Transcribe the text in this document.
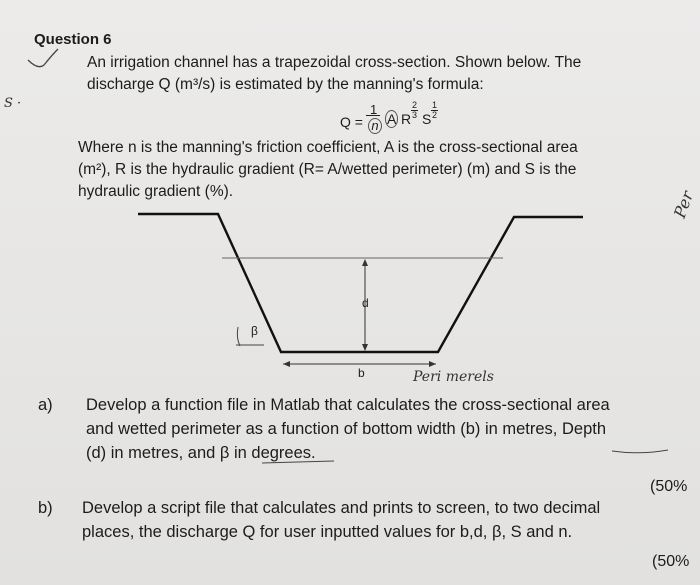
Question 6
An irrigation channel has a trapezoidal cross-section. Shown below. The
discharge Q (m³/s) is estimated by the manning's formula:
Q =
1
n A R
2
3 S
1
2
Where n is the manning's friction coefficient, A is the cross-sectional area
(m²), R is the hydraulic gradient (R= A/wetted perimeter) (m) and S is the
hydraulic gradient (%).
d
b
β
Peri merels
Per
S ·
a) Develop a function file in Matlab that calculates the cross-sectional area
and wetted perimeter as a function of bottom width (b) in metres, Depth
(d) in metres, and β in degrees.
(50%
b) Develop a script file that calculates and prints to screen, to two decimal
places, the discharge Q for user inputted values for b,d, β, S and n.
(50%
